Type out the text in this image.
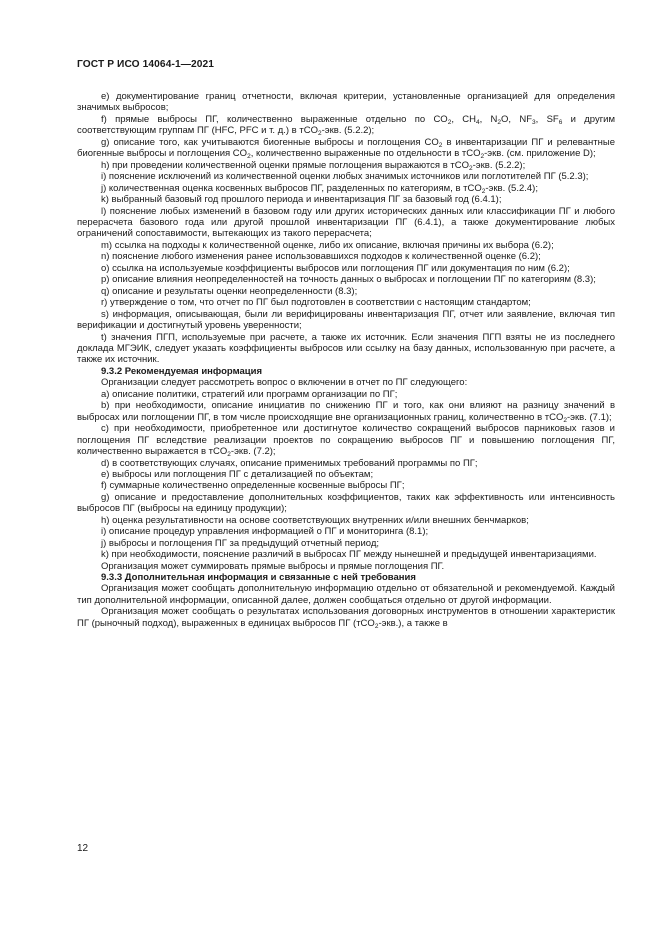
ГОСТ Р ИСО 14064-1—2021

e) документирование границ отчетности, включая критерии, установленные организацией для определения значимых выбросов;

f) прямые выбросы ПГ, количественно выраженные отдельно по $CO_2$, $CH_4$, $N_2O$, $NF_3$, $SF_6$ и другим соответствующим группам ПГ (HFC, PFC и т. д.) в тCO$_2$-экв. (5.2.2);

g) описание того, как учитываются биогенные выбросы и поглощения $CO_2$ в инвентаризации ПГ и релевантные биогенные выбросы и поглощения $CO_2$, количественно выраженные по отдельности в тCO$_2$-экв. (см. приложение D);

h) при проведении количественной оценки прямые поглощения выражаются в тCO$_2$-экв. (5.2.2);

i) пояснение исключений из количественной оценки любых значимых источников или поглотителей ПГ (5.2.3);

j) количественная оценка косвенных выбросов ПГ, разделенных по категориям, в тCO$_2$-экв. (5.2.4);

k) выбранный базовый год прошлого периода и инвентаризация ПГ за базовый год (6.4.1);

l) пояснение любых изменений в базовом году или других исторических данных или классификации ПГ и любого перерасчета базового года или другой прошлой инвентаризации ПГ (6.4.1), а также документирование любых ограничений сопоставимости, вытекающих из такого перерасчета;

m) ссылка на подходы к количественной оценке, либо их описание, включая причины их выбора (6.2);

n) пояснение любого изменения ранее использовавшихся подходов к количественной оценке (6.2);

o) ссылка на используемые коэффициенты выбросов или поглощения ПГ или документация по ним (6.2);

p) описание влияния неопределенностей на точность данных о выбросах и поглощении ПГ по категориям (8.3);

q) описание и результаты оценки неопределенности (8.3);

r) утверждение о том, что отчет по ПГ был подготовлен в соответствии с настоящим стандартом;

s) информация, описывающая, были ли верифицированы инвентаризация ПГ, отчет или заявление, включая тип верификации и достигнутый уровень уверенности;

t) значения ПГП, используемые при расчете, а также их источник. Если значения ПГП взяты не из последнего доклада МГЭИК, следует указать коэффициенты выбросов или ссылку на базу данных, использованную при расчете, а также их источник.

9.3.2 Рекомендуемая информация

Организации следует рассмотреть вопрос о включении в отчет по ПГ следующего:

a) описание политики, стратегий или программ организации по ПГ;

b) при необходимости, описание инициатив по снижению ПГ и того, как они влияют на разницу значений в выбросах или поглощении ПГ, в том числе происходящие вне организационных границ, количественно в тCO$_2$-экв. (7.1);

c) при необходимости, приобретенное или достигнутое количество сокращений выбросов парниковых газов и поглощения ПГ вследствие реализации проектов по сокращению выбросов ПГ и повышению поглощения ПГ, количественно выражается в тCO$_2$-экв. (7.2);

d) в соответствующих случаях, описание применимых требований программы по ПГ;

e) выбросы или поглощения ПГ с детализацией по объектам;

f) суммарные количественно определенные косвенные выбросы ПГ;

g) описание и предоставление дополнительных коэффициентов, таких как эффективность или интенсивность выбросов ПГ (выбросы на единицу продукции);

h) оценка результативности на основе соответствующих внутренних и/или внешних бенчмарков;

i) описание процедур управления информацией о ПГ и мониторинга (8.1);

j) выбросы и поглощения ПГ за предыдущий отчетный период;

k) при необходимости, пояснение различий в выбросах ПГ между нынешней и предыдущей инвентаризациями.

Организация может суммировать прямые выбросы и прямые поглощения ПГ.

9.3.3 Дополнительная информация и связанные с ней требования

Организация может сообщать дополнительную информацию отдельно от обязательной и рекомендуемой. Каждый тип дополнительной информации, описанной далее, должен сообщаться отдельно от другой информации.

Организация может сообщать о результатах использования договорных инструментов в отношении характеристик ПГ (рыночный подход), выраженных в единицах выбросов ПГ (тCO$_2$-экв.), а также в

12
